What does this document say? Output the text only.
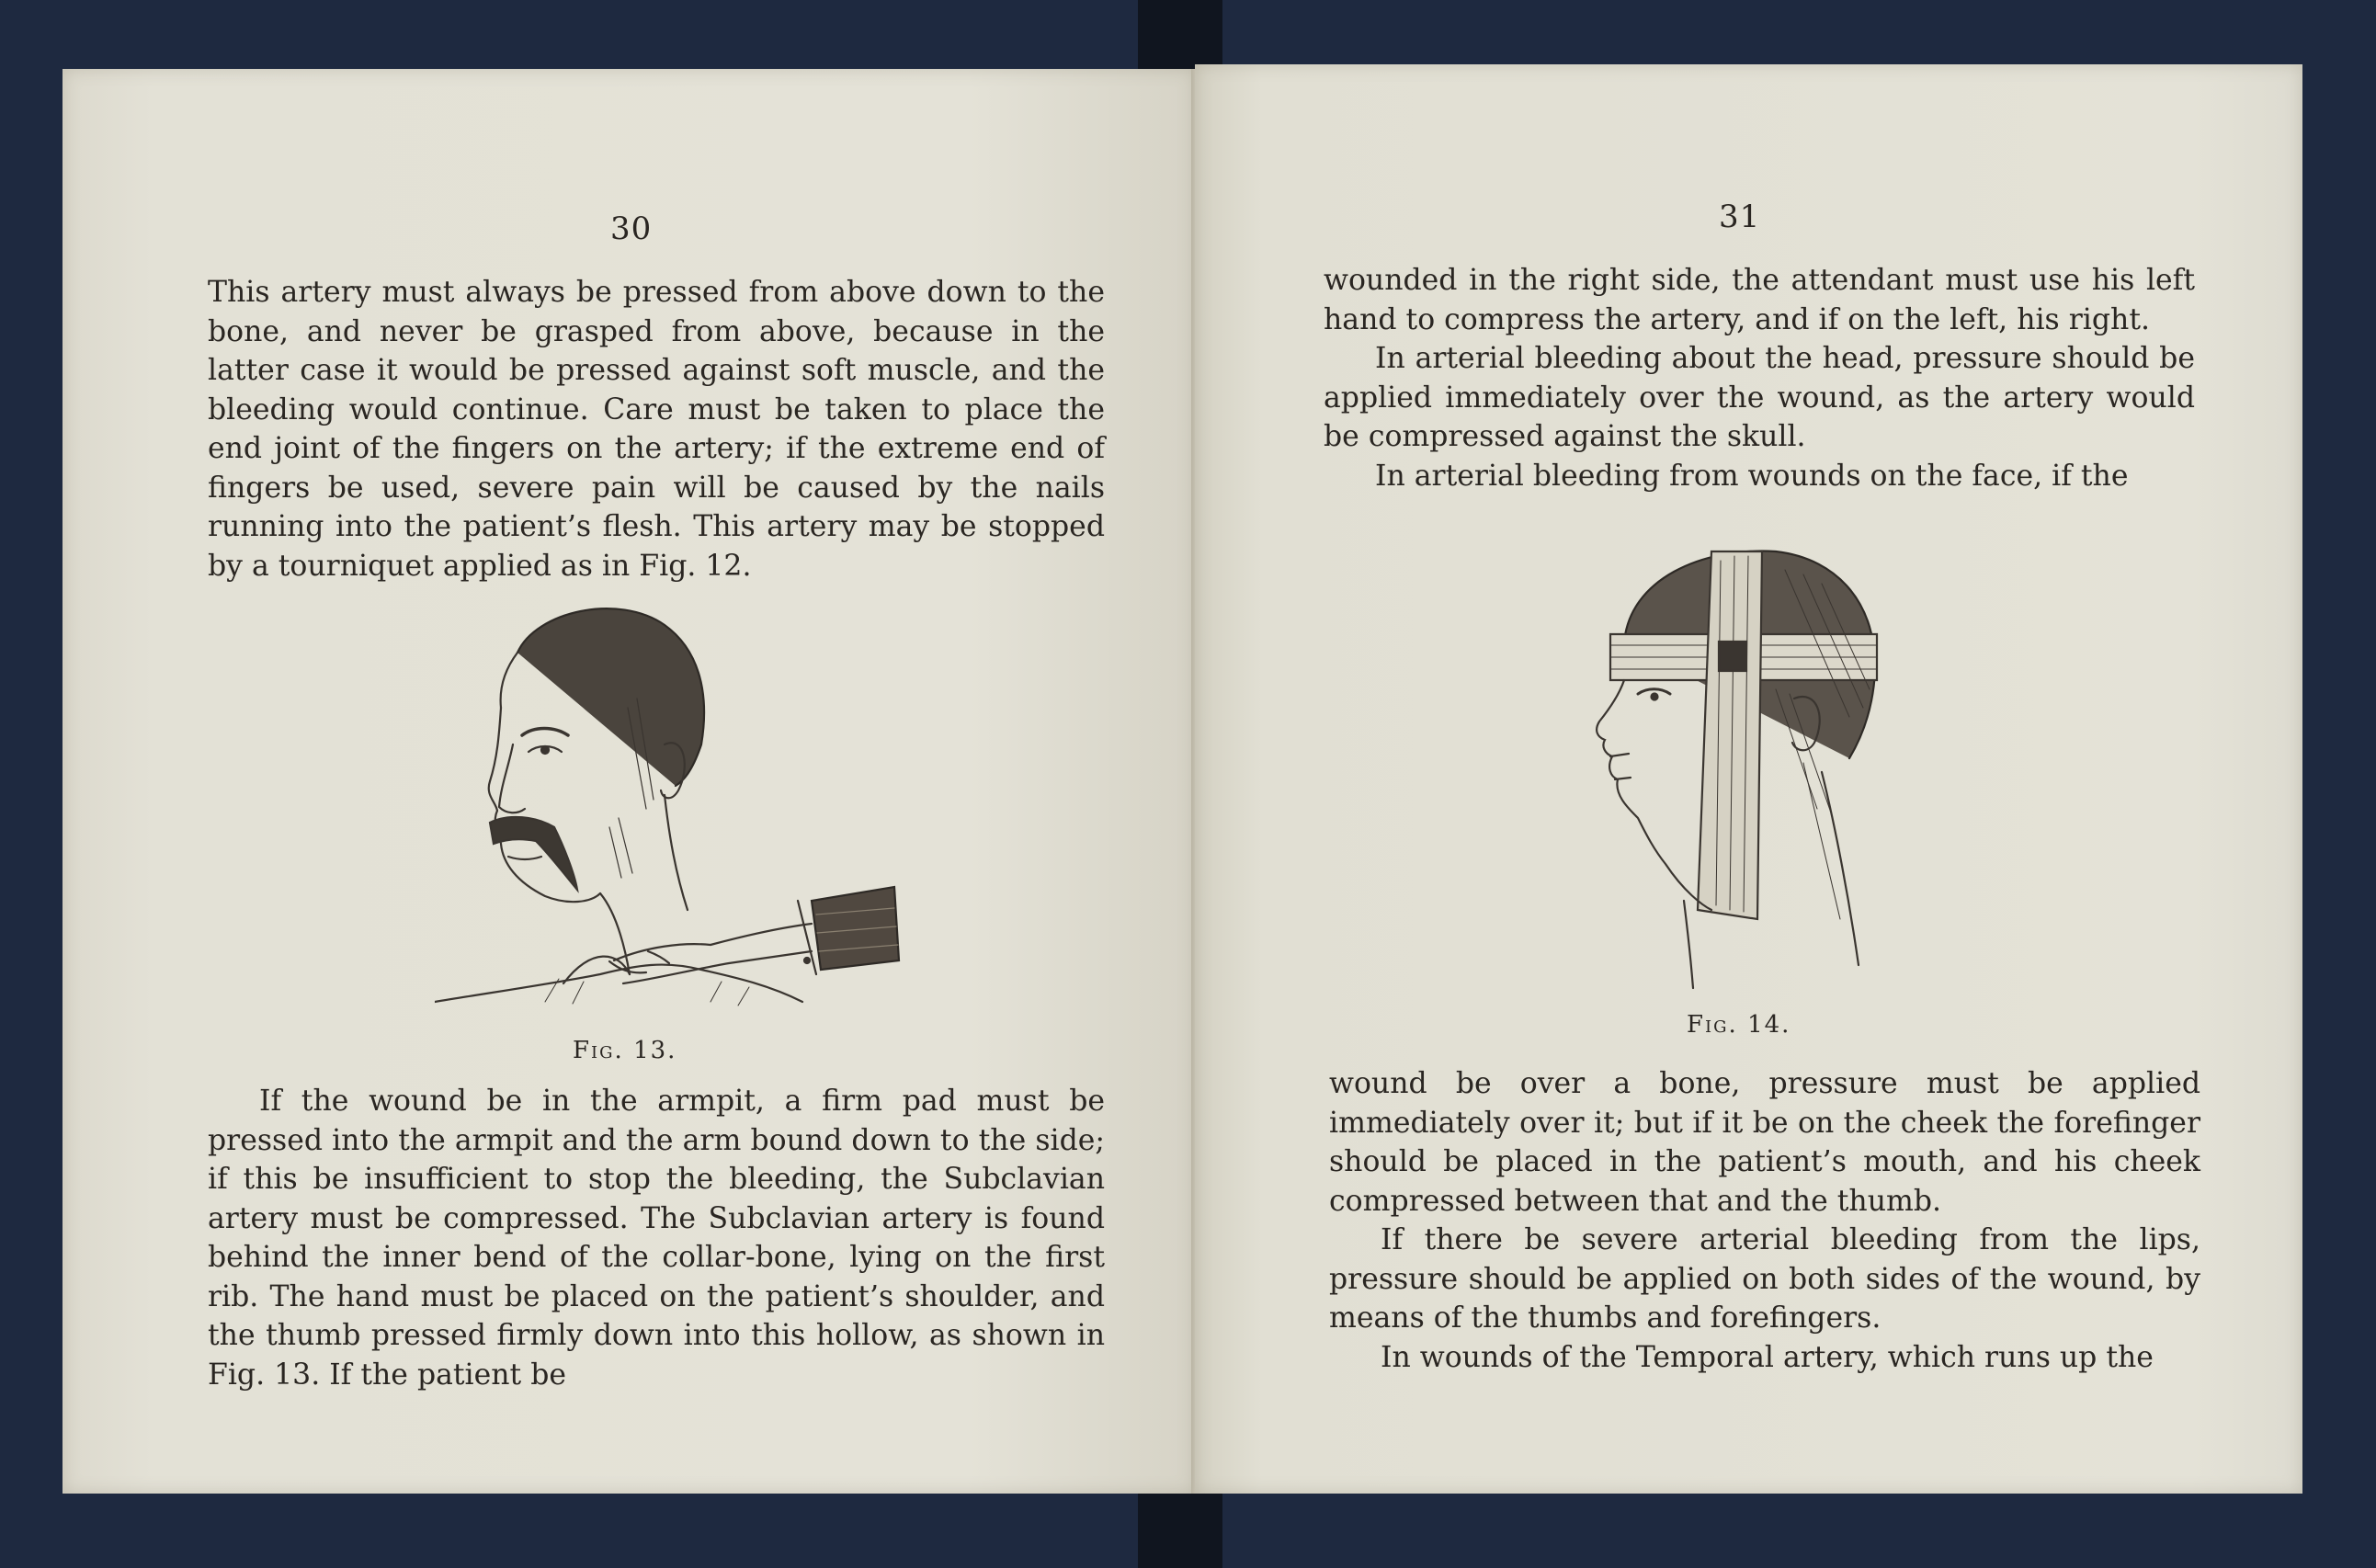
30

This artery must always be pressed from above down to the bone, and never be grasped from above, because in the latter case it would be pressed against soft muscle, and the bleeding would continue. Care must be taken to place the end joint of the fingers on the artery; if the extreme end of fingers be used, severe pain will be caused by the nails running into the patient’s flesh. This artery may be stopped by a tourniquet applied as in Fig. 12.

Fig. 13.

If the wound be in the armpit, a firm pad must be pressed into the armpit and the arm bound down to the side; if this be insufficient to stop the bleeding, the Subclavian artery must be compressed. The Subclavian artery is found behind the inner bend of the collar-bone, lying on the first rib. The hand must be placed on the patient’s shoulder, and the thumb pressed firmly down into this hollow, as shown in Fig. 13. If the patient be

31

wounded in the right side, the attendant must use his left hand to compress the artery, and if on the left, his right.

In arterial bleeding about the head, pressure should be applied immediately over the wound, as the artery would be compressed against the skull.

In arterial bleeding from wounds on the face, if the

Fig. 14.

wound be over a bone, pressure must be applied immediately over it; but if it be on the cheek the forefinger should be placed in the patient’s mouth, and his cheek compressed between that and the thumb.

If there be severe arterial bleeding from the lips, pressure should be applied on both sides of the wound, by means of the thumbs and forefingers.

In wounds of the Temporal artery, which runs up the
